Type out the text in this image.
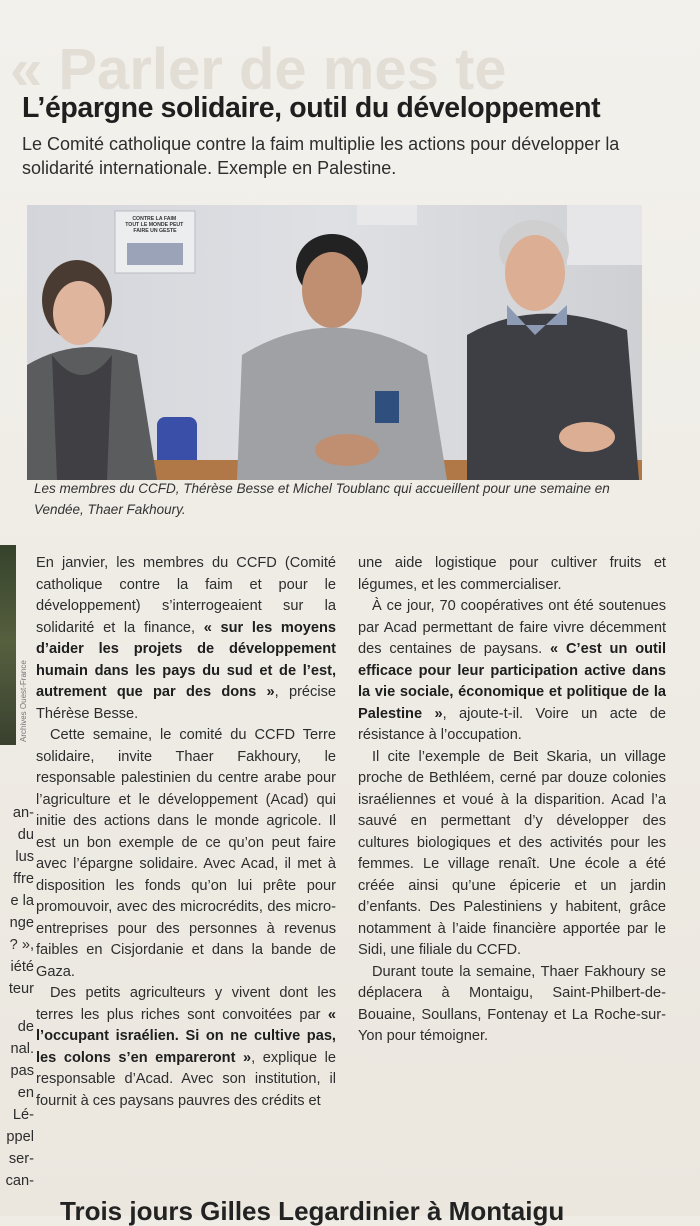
« Parler de mes te
L’épargne solidaire, outil du développement
Le Comité catholique contre la faim multiplie les actions pour développer la solidarité internationale. Exemple en Palestine.
CONTRE LA FAIM TOUT LE MONDE PEUT FAIRE UN GESTE
Les membres du CCFD, Thérèse Besse et Michel Toublanc qui accueillent pour une semaine en Vendée, Thaer Fakhoury.
Archives Ouest-France
an-
du
lus
ffre
e la
nge
? »,
iété
teur
de
nal.
pas
en
Lé-
ppel
ser-
can-

En janvier, les membres du CCFD (Comité catholique contre la faim et pour le développement) s’interrogeaient sur la solidarité et la finance, « sur les moyens d’aider les projets de développement humain dans les pays du sud et de l’est, autrement que par des dons », précise Thérèse Besse.

Cette semaine, le comité du CCFD Terre solidaire, invite Thaer Fakhoury, le responsable palestinien du centre arabe pour l’agriculture et le développement (Acad) qui initie des actions dans le monde agricole. Il est un bon exemple de ce qu’on peut faire avec l’épargne solidaire. Avec Acad, il met à disposition les fonds qu’on lui prête pour promouvoir, avec des microcrédits, des micro-entreprises pour des personnes à revenus faibles en Cisjordanie et dans la bande de Gaza.

Des petits agriculteurs y vivent dont les terres les plus riches sont convoitées par « l’occupant israélien. Si on ne cultive pas, les colons s’en empareront », explique le responsable d’Acad. Avec son institution, il fournit à ces paysans pauvres des crédits et

une aide logistique pour cultiver fruits et légumes, et les commercialiser.

À ce jour, 70 coopératives ont été soutenues par Acad permettant de faire vivre décemment des centaines de paysans. « C’est un outil efficace pour leur participation active dans la vie sociale, économique et politique de la Palestine », ajoute-t-il. Voire un acte de résistance à l’occupation.

Il cite l’exemple de Beit Skaria, un village proche de Bethléem, cerné par douze colonies israéliennes et voué à la disparition. Acad l’a sauvé en permettant d’y développer des cultures biologiques et des activités pour les femmes. Le village renaît. Une école a été créée ainsi qu’une épicerie et un jardin d’enfants. Des Palestiniens y habitent, grâce notamment à l’aide financière apportée par le Sidi, une filiale du CCFD.

Durant toute la semaine, Thaer Fakhoury se déplacera à Montaigu, Saint-Philbert-de-Bouaine, Soullans, Fontenay et La Roche-sur-Yon pour témoigner.

Trois jours Gilles Legardinier à Montaigu
